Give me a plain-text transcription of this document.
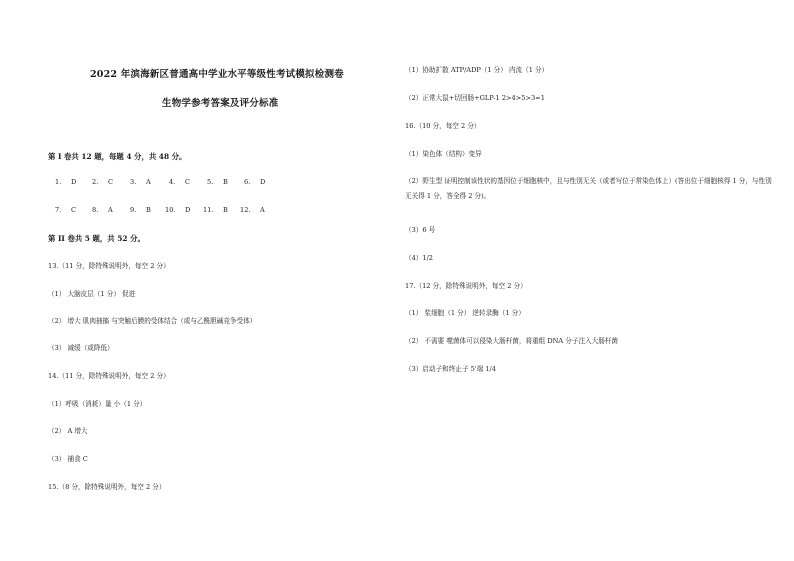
2022 年滨海新区普通高中学业水平等级性考试模拟检测卷
生物学参考答案及评分标准
第 I 卷共 12 题，每题 4 分，共 48 分。
第 II 卷共 5 题，共 52 分。
13.（11 分，除特殊说明外，每空 2 分）
（1） 大脑皮层（1 分） 促进
（2） 增大 肌肉抽搐 与突触后膜的受体结合（或与乙酰胆碱竞争受体）
（3） 减缓（或降低）
14.（11 分，除特殊说明外，每空 2 分）
（1）呼吸（消耗）量 小（1 分）
（2） A 增大
（3） 捕食 C
15.（8 分，除特殊说明外，每空 2 分）
（1）协助扩散 ATP/ADP（1 分） 内流（1 分）
（2）正常大鼠+切回肠+GLP-1 2>4>5>3=1
16.（10 分，每空 2 分）
（1）染色体（结构）变异
（2）野生型 证明控制该性状的基因位于细胞核中，且与性别无关（或者写位于常染色体上）(答出位于细胞核得 1 分，与性别无关得 1 分，答全得 2 分)。
（3）6 号
（4）1/2
17.（12 分，除特殊说明外，每空 2 分）
（1） 浆细胞（1 分） 逆转录酶（1 分）
（2） 不需要 噬菌体可以侵染大肠杆菌，将重组 DNA 分子注入大肠杆菌
（3）启动子和终止子 5'端 1/4
1. D 2. C	3. A	4. C	5. B 6. D
7. C 8. A	9. B 10. D 11. B 12. A
